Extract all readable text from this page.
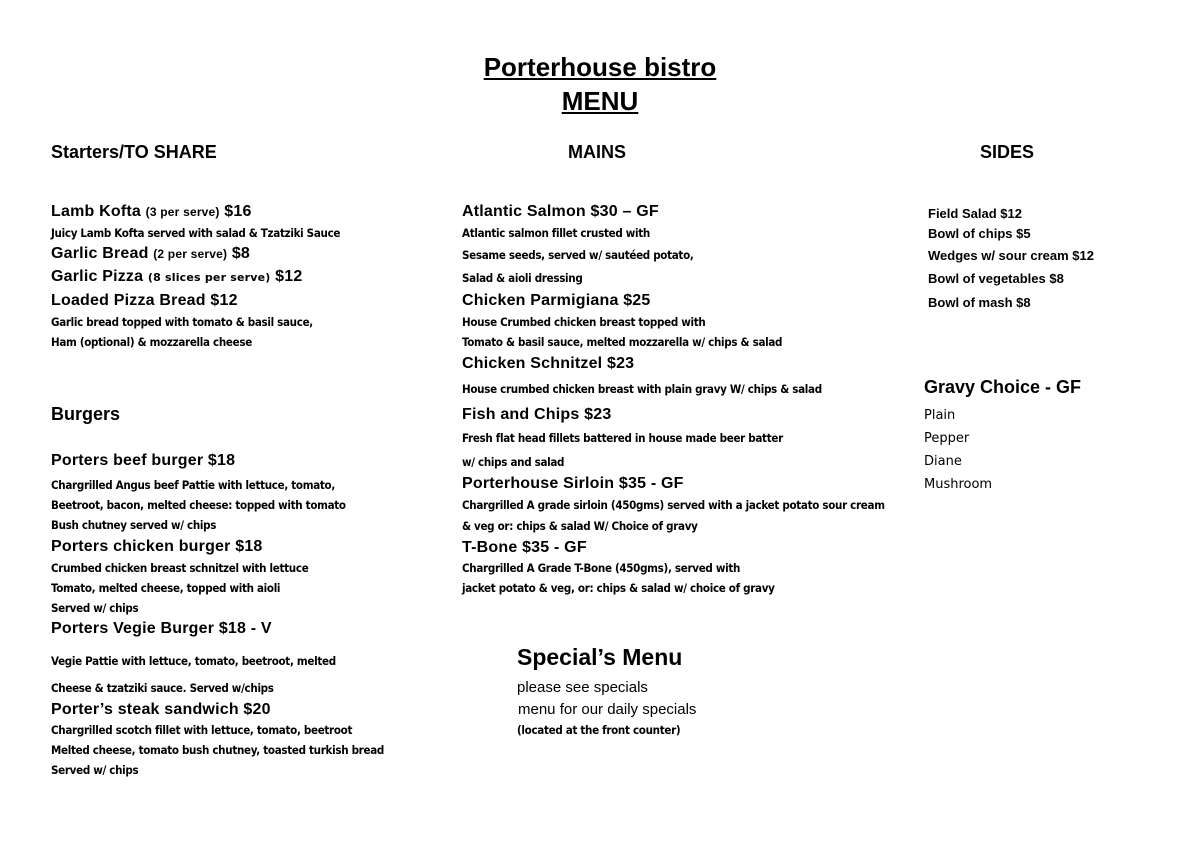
Porterhouse bistro
MENU
Starters/TO SHARE
Lamb Kofta (3 per serve) $16
Juicy Lamb Kofta served with salad & Tzatziki Sauce
Garlic Bread (2 per serve) $8
Garlic Pizza (8 slices per serve) $12
Loaded Pizza Bread $12
Garlic bread topped with tomato & basil sauce,
Ham (optional) & mozzarella cheese
Burgers
Porters beef burger $18
Chargrilled Angus beef Pattie with lettuce, tomato,
Beetroot, bacon, melted cheese: topped with tomato
Bush chutney served w/ chips
Porters chicken burger $18
Crumbed chicken breast schnitzel with lettuce
Tomato, melted cheese, topped with aioli
Served w/ chips
Porters Vegie Burger $18 - V
Vegie Pattie with lettuce, tomato, beetroot, melted
Cheese & tzatziki sauce. Served w/chips
Porter’s steak sandwich $20
Chargrilled scotch fillet with lettuce, tomato, beetroot
Melted cheese, tomato bush chutney, toasted turkish bread
Served w/ chips
MAINS
Atlantic Salmon $30 – GF
Atlantic salmon fillet crusted with
Sesame seeds, served w/ sautéed potato,
Salad & aioli dressing
Chicken Parmigiana $25
House Crumbed chicken breast topped with
Tomato & basil sauce, melted mozzarella w/ chips & salad
Chicken Schnitzel $23
House crumbed chicken breast with plain gravy W/ chips & salad
Fish and Chips $23
Fresh flat head fillets battered in house made beer batter
w/ chips and salad
Porterhouse Sirloin $35 - GF
Chargrilled A grade sirloin (450gms) served with a jacket potato sour cream
& veg or: chips & salad W/ Choice of gravy
T-Bone $35 - GF
Chargrilled A Grade T-Bone (450gms), served with
jacket potato & veg, or: chips & salad w/ choice of gravy
Special’s Menu
please see specials
menu for our daily specials
(located at the front counter)
SIDES
Field Salad $12
Bowl of chips $5
Wedges w/ sour cream $12
Bowl of vegetables $8
Bowl of mash $8
Gravy Choice - GF
Plain
Pepper
Diane
Mushroom
